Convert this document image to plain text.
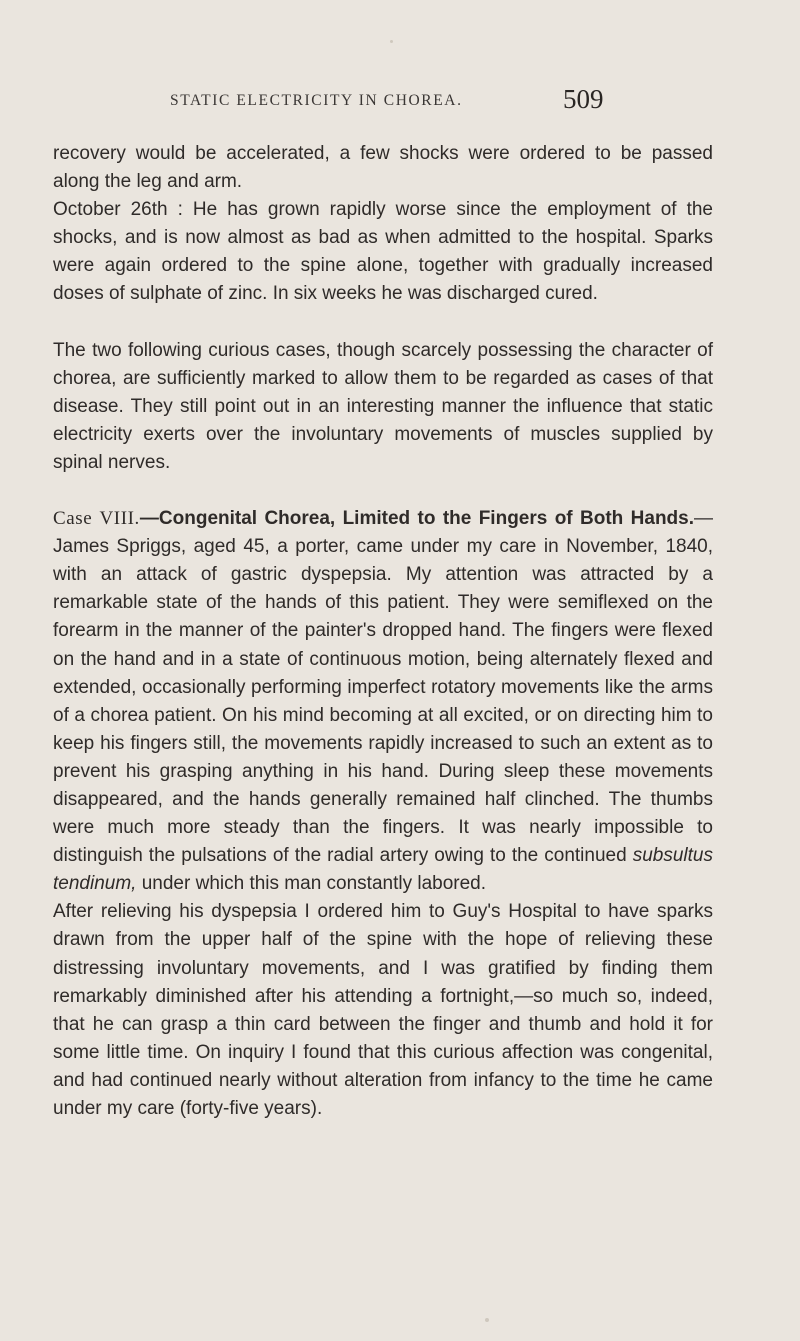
STATIC ELECTRICITY IN CHOREA.	509

recovery would be accelerated, a few shocks were ordered to be passed along the leg and arm.

October 26th : He has grown rapidly worse since the employment of the shocks, and is now almost as bad as when admitted to the hospital. Sparks were again ordered to the spine alone, together with gradually increased doses of sulphate of zinc. In six weeks he was discharged cured.

The two following curious cases, though scarcely possessing the character of chorea, are sufficiently marked to allow them to be regarded as cases of that disease. They still point out in an interesting manner the influence that static electricity exerts over the involuntary movements of muscles supplied by spinal nerves.

Case VIII.—Congenital Chorea, Limited to the Fingers of Both Hands.—James Spriggs, aged 45, a porter, came under my care in November, 1840, with an attack of gastric dyspepsia. My attention was attracted by a remarkable state of the hands of this patient. They were semiflexed on the forearm in the manner of the painter's dropped hand. The fingers were flexed on the hand and in a state of continuous motion, being alternately flexed and extended, occasionally performing imperfect rotatory movements like the arms of a chorea patient. On his mind becoming at all excited, or on directing him to keep his fingers still, the movements rapidly increased to such an extent as to prevent his grasping anything in his hand. During sleep these movements disappeared, and the hands generally remained half clinched. The thumbs were much more steady than the fingers. It was nearly impossible to distinguish the pulsations of the radial artery owing to the continued subsultus tendinum, under which this man constantly labored.

After relieving his dyspepsia I ordered him to Guy's Hospital to have sparks drawn from the upper half of the spine with the hope of relieving these distressing involuntary movements, and I was gratified by finding them remarkably diminished after his attending a fortnight,—so much so, indeed, that he can grasp a thin card between the finger and thumb and hold it for some little time. On inquiry I found that this curious affection was congenital, and had continued nearly without alteration from infancy to the time he came under my care (forty-five years).
